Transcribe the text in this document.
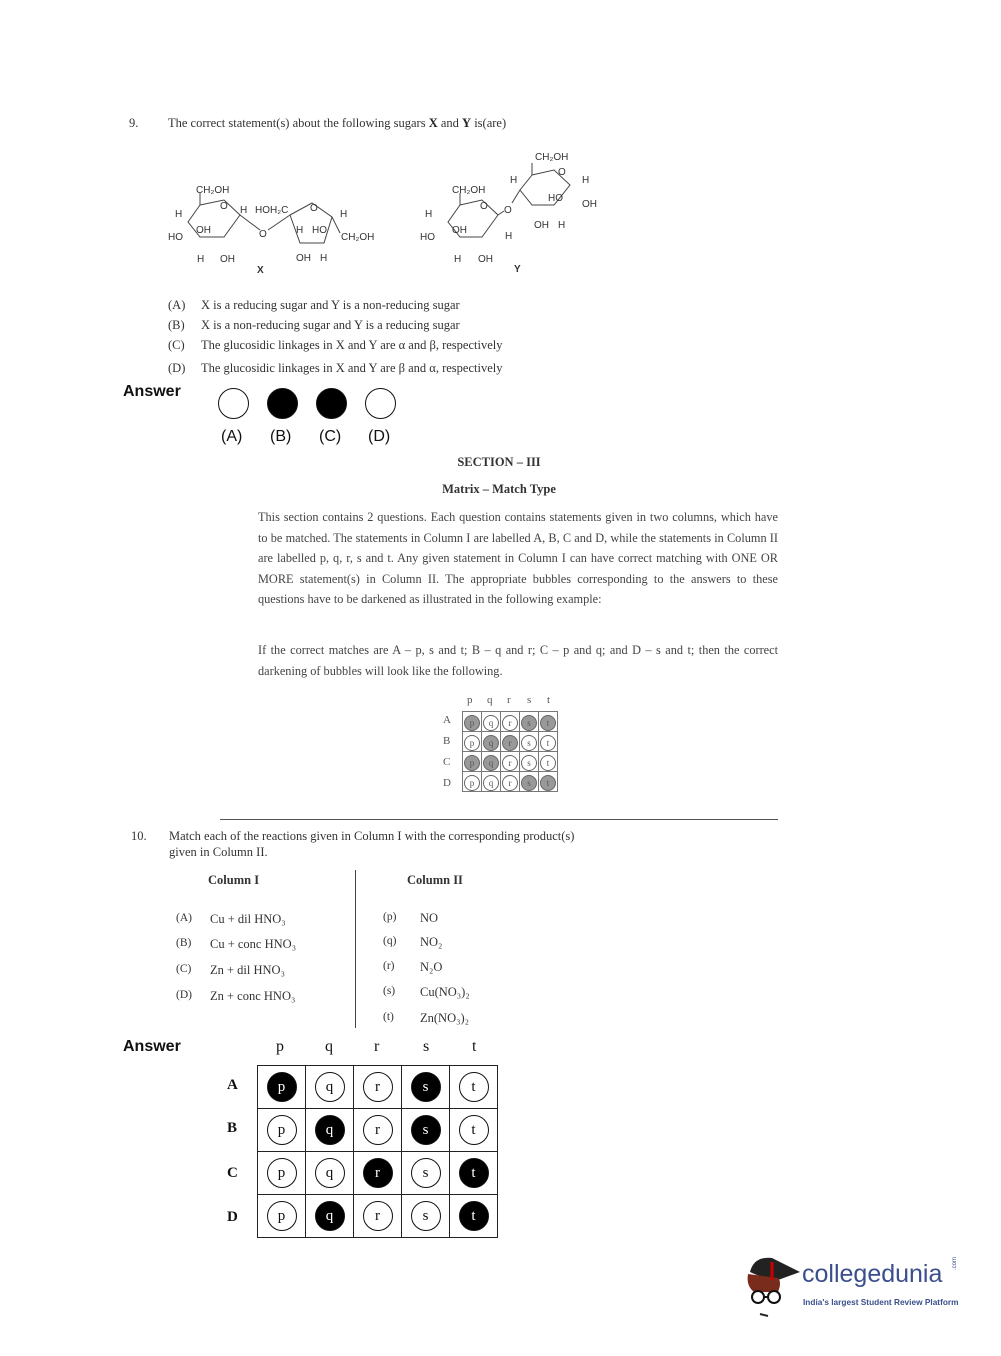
9. The correct statement(s) about the following sugars X and Y is(are)
CH₂OH
O
H
HO
OH
H OH
H
O
HOH₂C O
H
H HO
CH₂OH
OH H
X
CH₂OH
O
H
HO
OH
H OH
O
H
CH₂OH
O
H	H
HO
OH
OH H
Y
(A) X is a reducing sugar and Y is a non-reducing sugar
(B) X is a non-reducing sugar and Y is a reducing sugar
(C) The glucosidic linkages in X and Y are α and β, respectively
(D) The glucosidic linkages in X and Y are β and α, respectively
Answer
(A) (B) (C) (D)
SECTION – III
Matrix – Match Type
This section contains 2 questions. Each question contains statements given in two columns, which have to be matched. The statements in Column I are labelled A, B, C and D, while the statements in Column II are labelled p, q, r, s and t. Any given statement in Column I can have correct matching with ONE OR MORE statement(s) in Column II. The appropriate bubbles corresponding to the answers to these questions have to be darkened as illustrated in the following example:
If the correct matches are A – p, s and t; B – q and r; C – p and q; and D – s and t; then the correct darkening of bubbles will look like the following.
p q r s t
A
B
C
D
p	q	r	s	t
p	q	r	s	t
p	q	r	s	t
p	q	r	s	t
10. Match each of the reactions given in Column I with the corresponding product(s)
given in Column II.
Column I	Column II
(A) Cu + dil HNO₃
(B) Cu + conc HNO₃
(C) Zn + dil HNO₃
(D) Zn + conc HNO₃
(p) NO
(q) NO₂
(r) N₂O
(s) Cu(NO₃)₂
(t) Zn(NO₃)₂
Answer	p	q	r	s	t
A
B
C
D
p	q	r	s	t
p	q	r	s	t
p	q	r	s	t
p	q	r	s	t
collegedunia .com
India's largest Student Review Platform
